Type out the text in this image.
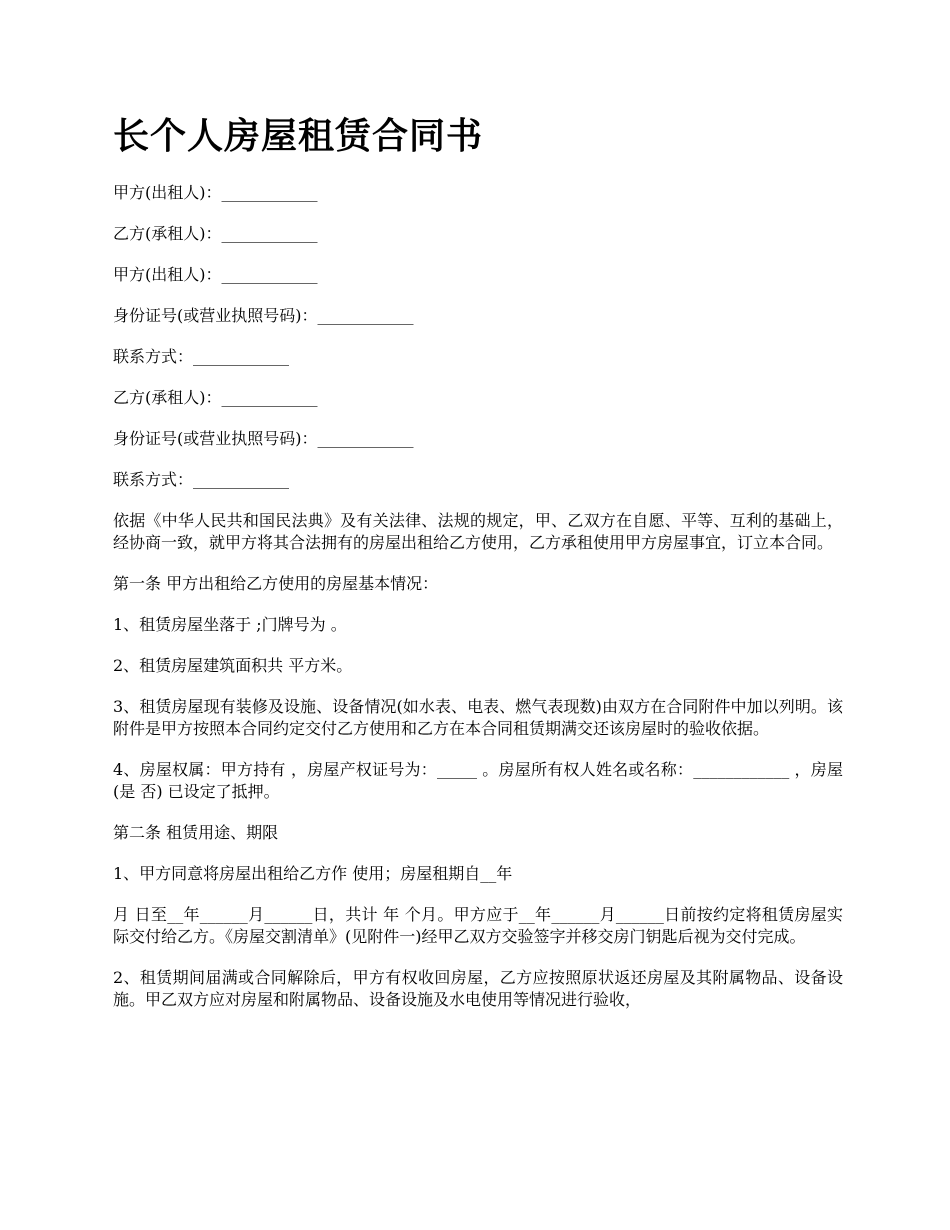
长个人房屋租赁合同书

甲方(出租人)：____________

乙方(承租人)：____________

甲方(出租人)：____________

身份证号(或营业执照号码)：____________

联系方式：____________

乙方(承租人)：____________

身份证号(或营业执照号码)：____________

联系方式：____________

依据《中华人民共和国民法典》及有关法律、法规的规定，甲、乙双方在自愿、平等、互利的基础上，经协商一致，就甲方将其合法拥有的房屋出租给乙方使用，乙方承租使用甲方房屋事宜，订立本合同。

第一条 甲方出租给乙方使用的房屋基本情况：

1、租赁房屋坐落于 ;门牌号为 。

2、租赁房屋建筑面积共 平方米。

3、租赁房屋现有装修及设施、设备情况(如水表、电表、燃气表现数)由双方在合同附件中加以列明。该附件是甲方按照本合同约定交付乙方使用和乙方在本合同租赁期满交还该房屋时的验收依据。

4、房屋权属：甲方持有 ，房屋产权证号为：_____ 。房屋所有权人姓名或名称：____________ ，房屋 (是 否) 已设定了抵押。

第二条 租赁用途、期限

1、甲方同意将房屋出租给乙方作 使用；房屋租期自__年

月 日至__年______月______日，共计 年 个月。甲方应于__年______月______日前按约定将租赁房屋实际交付给乙方。《房屋交割清单》(见附件一)经甲乙双方交验签字并移交房门钥匙后视为交付完成。

2、租赁期间届满或合同解除后，甲方有权收回房屋，乙方应按照原状返还房屋及其附属物品、设备设施。甲乙双方应对房屋和附属物品、设备设施及水电使用等情况进行验收，
